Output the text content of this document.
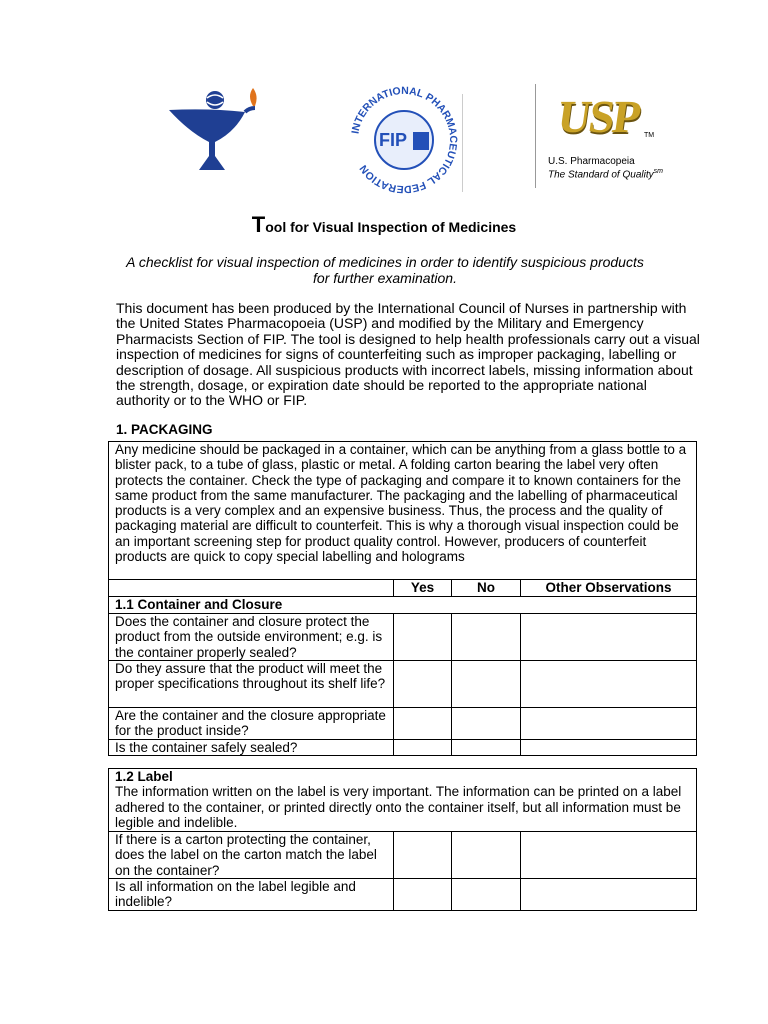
INTERNATIONAL PHARMACEUTICAL FEDERATION
FIP	USP TM
U.S. Pharmacopeia
The Standard of Quality$^{sm}$
Tool for Visual Inspection of Medicines
A checklist for visual inspection of medicines in order to identify suspicious products for further examination.
This document has been produced by the International Council of Nurses in partnership with the United States Pharmacopoeia (USP) and modified by the Military and Emergency Pharmacists Section of FIP. The tool is designed to help health professionals carry out a visual inspection of medicines for signs of counterfeiting such as improper packaging, labelling or description of dosage. All suspicious products with incorrect labels, missing information about the strength, dosage, or expiration date should be reported to the appropriate national authority or to the WHO or FIP.
1. PACKAGING
Any medicine should be packaged in a container, which can be anything from a glass bottle to a blister pack, to a tube of glass, plastic or metal. A folding carton bearing the label very often protects the container. Check the type of packaging and compare it to known containers for the same product from the same manufacturer. The packaging and the labelling of pharmaceutical products is a very complex and an expensive business. Thus, the process and the quality of packaging material are difficult to counterfeit. This is why a thorough visual inspection could be an important screening step for product quality control. However, producers of counterfeit products are quick to copy special labelling and holograms			
	Yes	No	Other Observations
1.1 Container and Closure			
Does the container and closure protect the product from the outside environment; e.g. is the container properly sealed?			
Do they assure that the product will meet the proper specifications throughout its shelf life?			
Are the container and the closure appropriate for the product inside?			
Is the container safely sealed?			
1.2 Label
The information written on the label is very important. The information can be printed on a label adhered to the container, or printed directly onto the container itself, but all information must be legible and indelible.			

If there is a carton protecting the container, does the label on the carton match the label on the container?			
Is all information on the label legible and indelible?			
